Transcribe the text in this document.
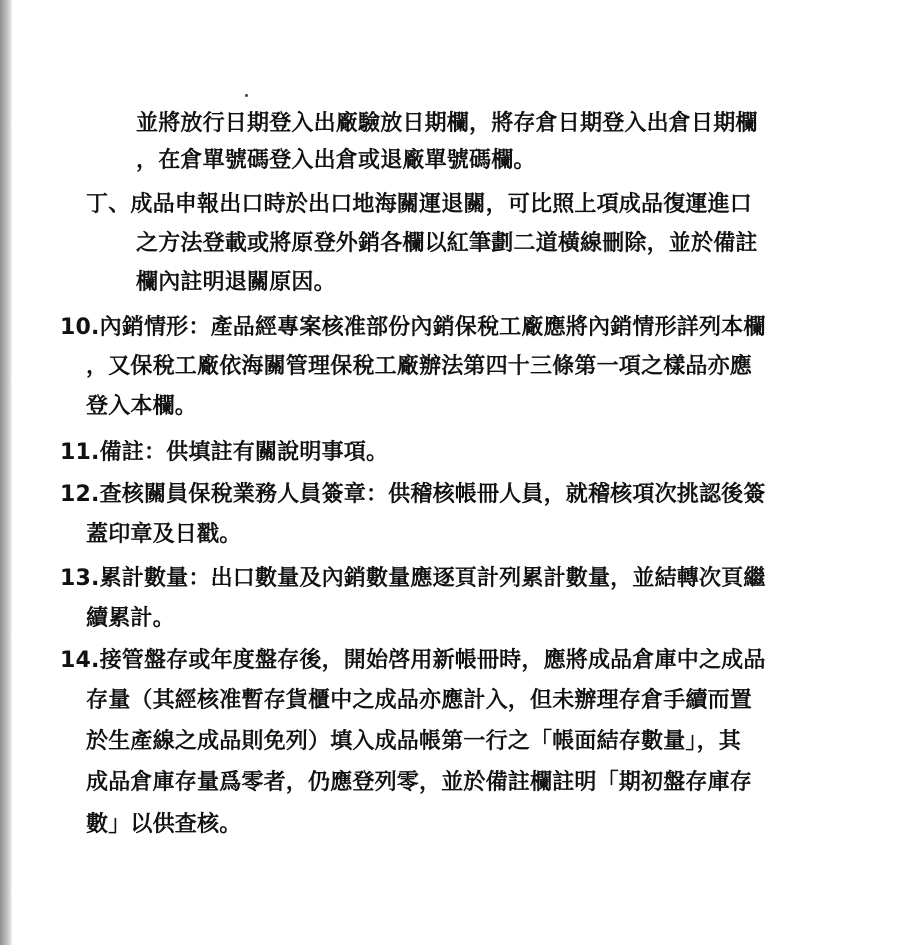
並將放行日期登入出廠驗放日期欄，將存倉日期登入出倉日期欄
，在倉單號碼登入出倉或退廠單號碼欄。
丁、成品申報出口時於出口地海關運退關，可比照上項成品復運進口
之方法登載或將原登外銷各欄以紅筆劃二道橫線刪除，並於備註
欄內註明退關原因。
10.內銷情形：產品經專案核准部份內銷保稅工廠應將內銷情形詳列本欄
，又保稅工廠依海關管理保稅工廠辦法第四十三條第一項之樣品亦應
登入本欄。
11.備註：供填註有關說明事項。
12.查核關員保稅業務人員簽章：供稽核帳冊人員，就稽核項次挑認後簽
蓋印章及日戳。
13.累計數量：出口數量及內銷數量應逐頁計列累計數量，並結轉次頁繼
續累計。
14.接管盤存或年度盤存後，開始啓用新帳冊時，應將成品倉庫中之成品
存量（其經核准暫存貨櫃中之成品亦應計入，但未辦理存倉手續而置
於生產線之成品則免列）填入成品帳第一行之「帳面結存數量」，其
成品倉庫存量爲零者，仍應登列零，並於備註欄註明「期初盤存庫存
數」以供查核。
